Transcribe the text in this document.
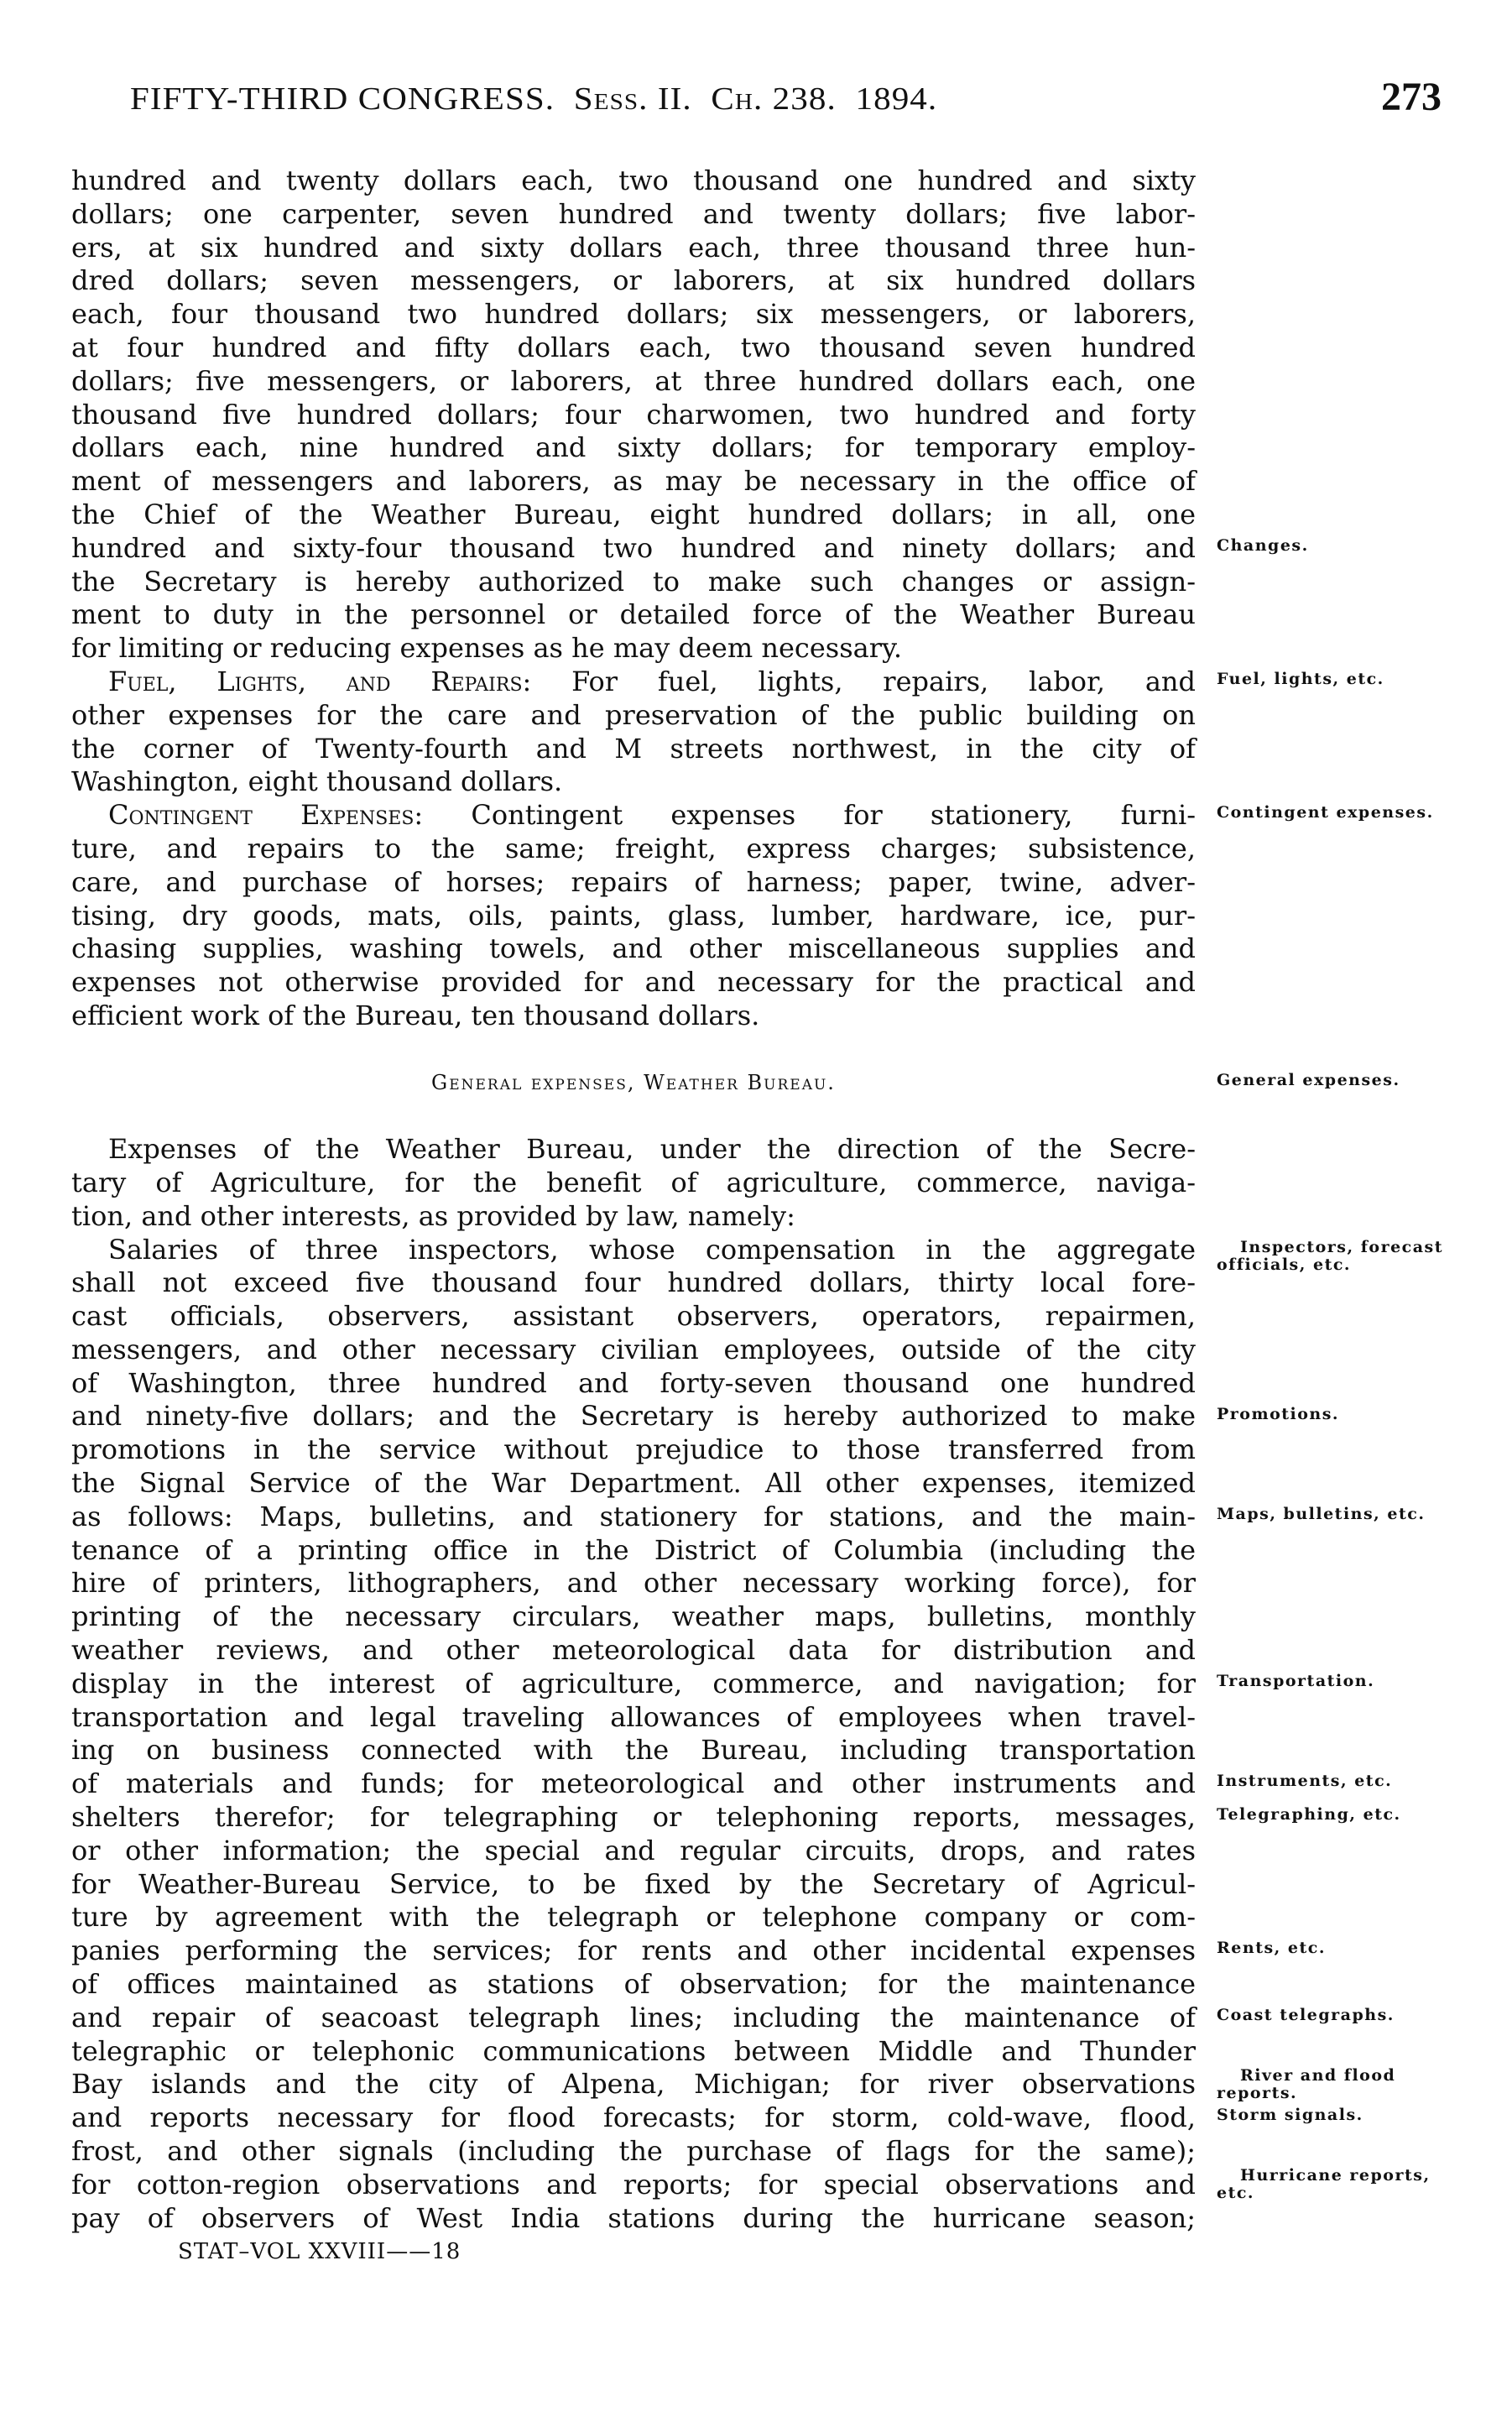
FIFTY-THIRD CONGRESS. Sess. II. Ch. 238. 1894.	273
hundred and twenty dollars each, two thousand one hundred and sixty
dollars; one carpenter, seven hundred and twenty dollars; five labor-
ers, at six hundred and sixty dollars each, three thousand three hun-
dred dollars; seven messengers, or laborers, at six hundred dollars
each, four thousand two hundred dollars; six messengers, or laborers,
at four hundred and fifty dollars each, two thousand seven hundred
dollars; five messengers, or laborers, at three hundred dollars each, one
thousand five hundred dollars; four charwomen, two hundred and forty
dollars each, nine hundred and sixty dollars; for temporary employ-
ment of messengers and laborers, as may be necessary in the office of
the Chief of the Weather Bureau, eight hundred dollars; in all, one
hundred and sixty-four thousand two hundred and ninety dollars; and
the Secretary is hereby authorized to make such changes or assign-
ment to duty in the personnel or detailed force of the Weather Bureau
for limiting or reducing expenses as he may deem necessary.
Fuel, Lights, and Repairs: For fuel, lights, repairs, labor, and
other expenses for the care and preservation of the public building on
the corner of Twenty-fourth and M streets northwest, in the city of
Washington, eight thousand dollars.
Contingent Expenses: Contingent expenses for stationery, furni-
ture, and repairs to the same; freight, express charges; subsistence,
care, and purchase of horses; repairs of harness; paper, twine, adver-
tising, dry goods, mats, oils, paints, glass, lumber, hardware, ice, pur-
chasing supplies, washing towels, and other miscellaneous supplies and
expenses not otherwise provided for and necessary for the practical and
efficient work of the Bureau, ten thousand dollars.
General expenses, Weather Bureau.
Expenses of the Weather Bureau, under the direction of the Secre-
tary of Agriculture, for the benefit of agriculture, commerce, naviga-
tion, and other interests, as provided by law, namely:
Salaries of three inspectors, whose compensation in the aggregate
shall not exceed five thousand four hundred dollars, thirty local fore-
cast officials, observers, assistant observers, operators, repairmen,
messengers, and other necessary civilian employees, outside of the city
of Washington, three hundred and forty-seven thousand one hundred
and ninety-five dollars; and the Secretary is hereby authorized to make
promotions in the service without prejudice to those transferred from
the Signal Service of the War Department. All other expenses, itemized
as follows: Maps, bulletins, and stationery for stations, and the main-
tenance of a printing office in the District of Columbia (including the
hire of printers, lithographers, and other necessary working force), for
printing of the necessary circulars, weather maps, bulletins, monthly
weather reviews, and other meteorological data for distribution and
display in the interest of agriculture, commerce, and navigation; for
transportation and legal traveling allowances of employees when travel-
ing on business connected with the Bureau, including transportation
of materials and funds; for meteorological and other instruments and
shelters therefor; for telegraphing or telephoning reports, messages,
or other information; the special and regular circuits, drops, and rates
for Weather-Bureau Service, to be fixed by the Secretary of Agricul-
ture by agreement with the telegraph or telephone company or com-
panies performing the services; for rents and other incidental expenses
of offices maintained as stations of observation; for the maintenance
and repair of seacoast telegraph lines; including the maintenance of
telegraphic or telephonic communications between Middle and Thunder
Bay islands and the city of Alpena, Michigan; for river observations
and reports necessary for flood forecasts; for storm, cold-wave, flood,
frost, and other signals (including the purchase of flags for the same);
for cotton-region observations and reports; for special observations and
pay of observers of West India stations during the hurricane season;
Changes.
Fuel, lights, etc.
Contingent expenses.
General expenses.
Inspectors, forecast officials, etc.
Promotions.
Maps, bulletins, etc.
Transportation.
Instruments, etc.
Telegraphing, etc.
Rents, etc.
Coast telegraphs.
River and flood reports.
Storm signals.
Hurricane reports, etc.
STAT–VOL XXVIII——18
